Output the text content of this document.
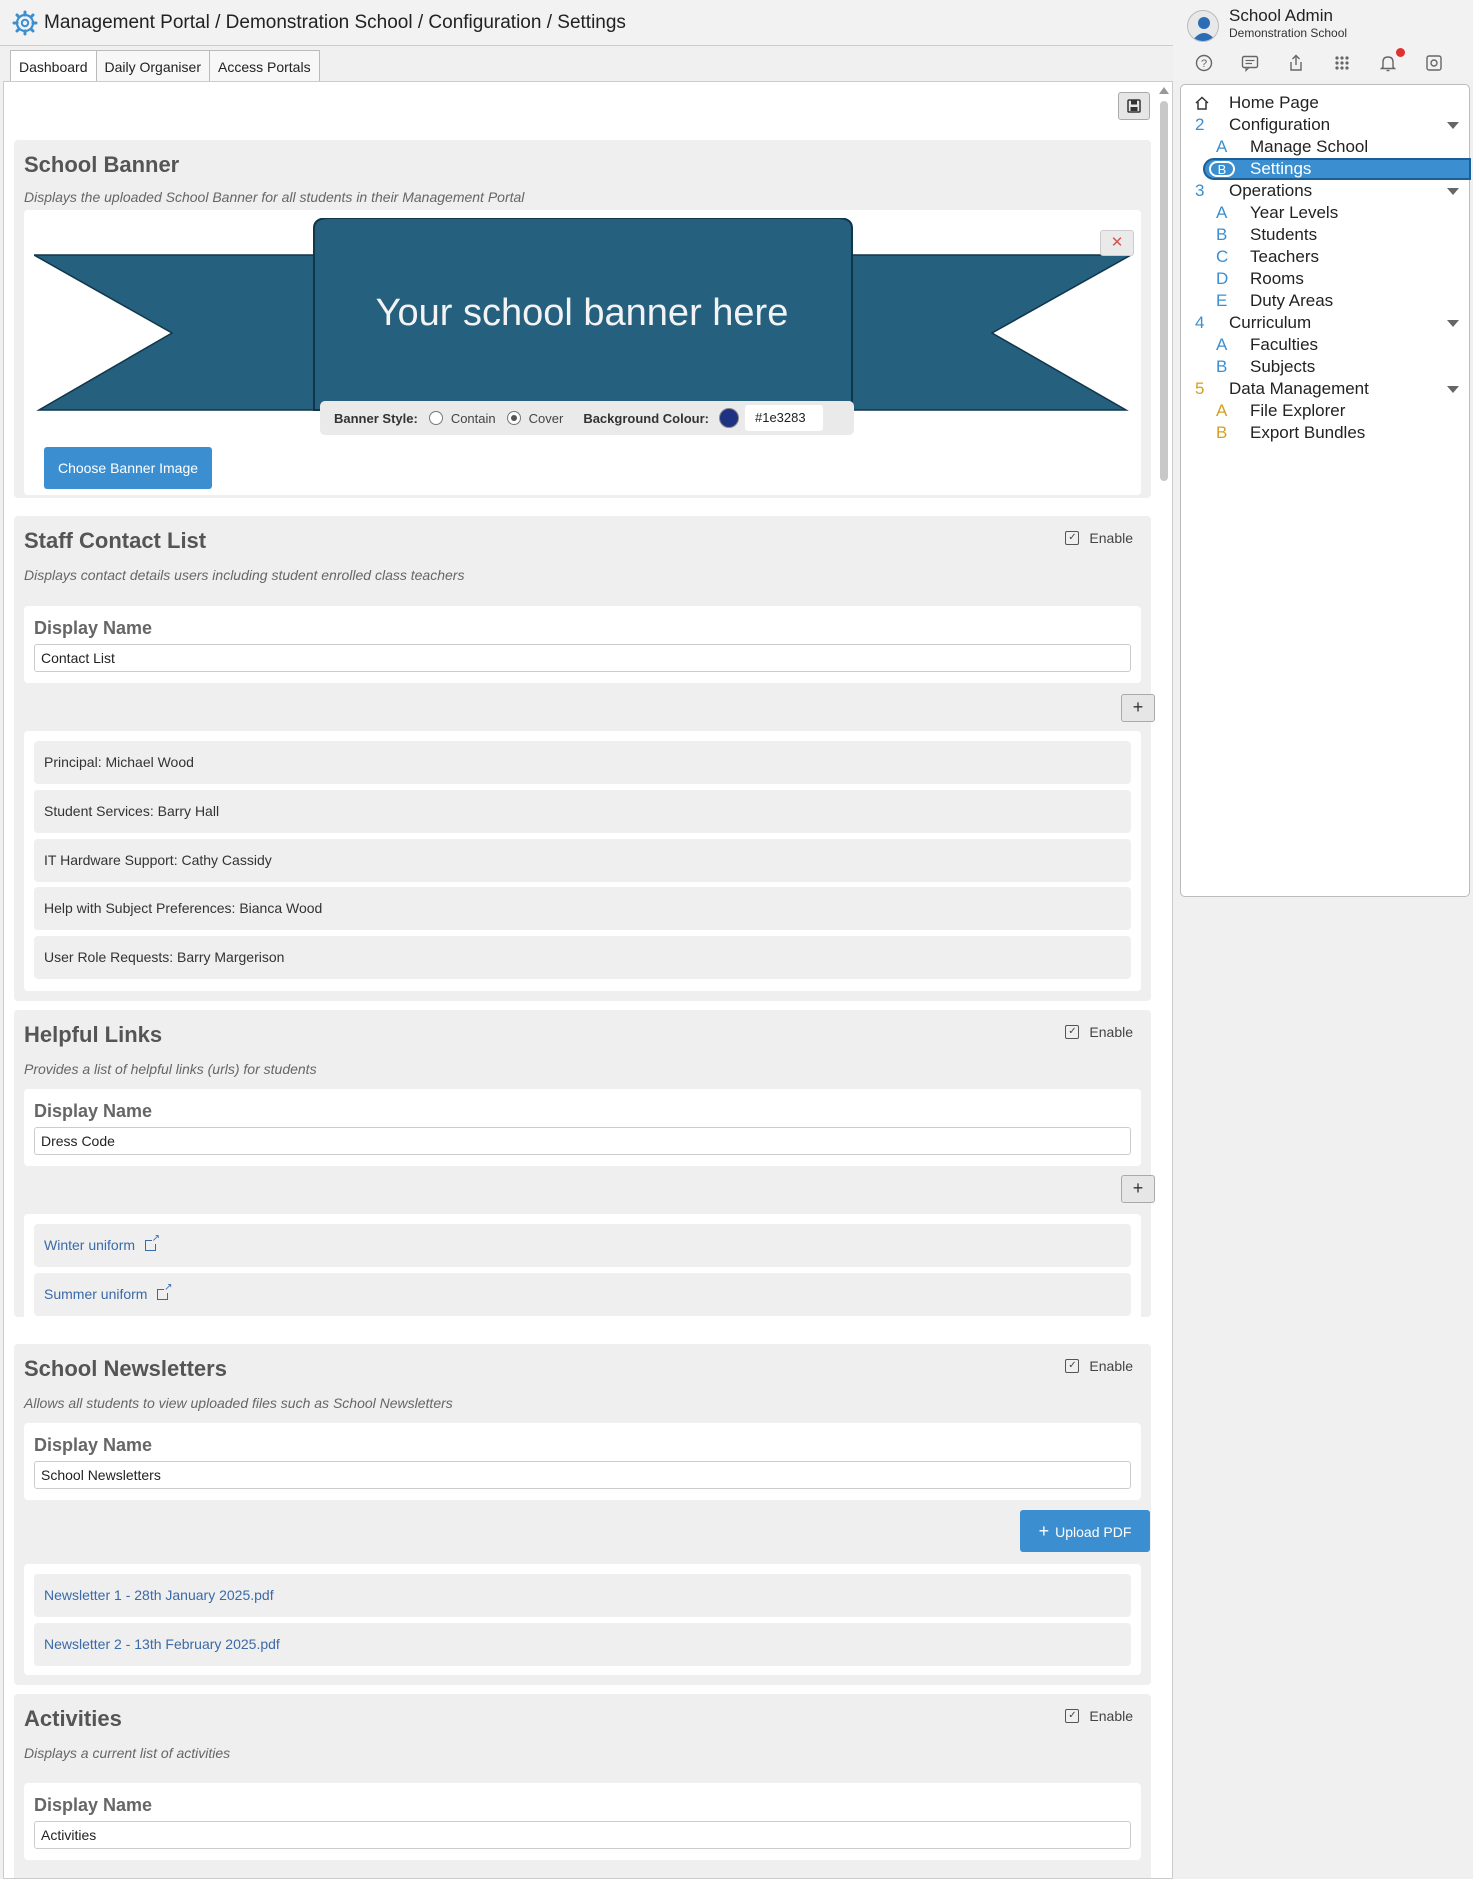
Management Portal / Demonstration School / Configuration / Settings
Dashboard	Daily Organiser	Access Portals
School Banner
Displays the uploaded School Banner for all students in their Management Portal
Your school banner here
✕
Banner Style:	Contain	Cover Background Colour:	#1e3283
Choose Banner Image
Staff Contact List	✓ Enable
Displays contact details users including student enrolled class teachers
Display Name
Contact List
+
Principal: Michael Wood
Student Services: Barry Hall
IT Hardware Support: Cathy Cassidy
Help with Subject Preferences: Bianca Wood
User Role Requests: Barry Margerison
Helpful Links	✓ Enable
Provides a list of helpful links (urls) for students
Display Name
Dress Code
+
Winter uniform↗
Summer uniform↗
School Newsletters	✓ Enable
Allows all students to view uploaded files such as School Newsletters
Display Name
School Newsletters
+ Upload PDF
Newsletter 1 - 28th January 2025.pdf
Newsletter 2 - 13th February 2025.pdf
Activities	✓ Enable
Displays a current list of activities
Display Name
Activities
School Admin
Demonstration School
?
Home Page
2 Configuration
A Manage School
B	Settings
3 Operations
A Year Levels
B Students
C Teachers
D Rooms
E Duty Areas
4 Curriculum
A Faculties
B Subjects
5 Data Management
A File Explorer
B Export Bundles
